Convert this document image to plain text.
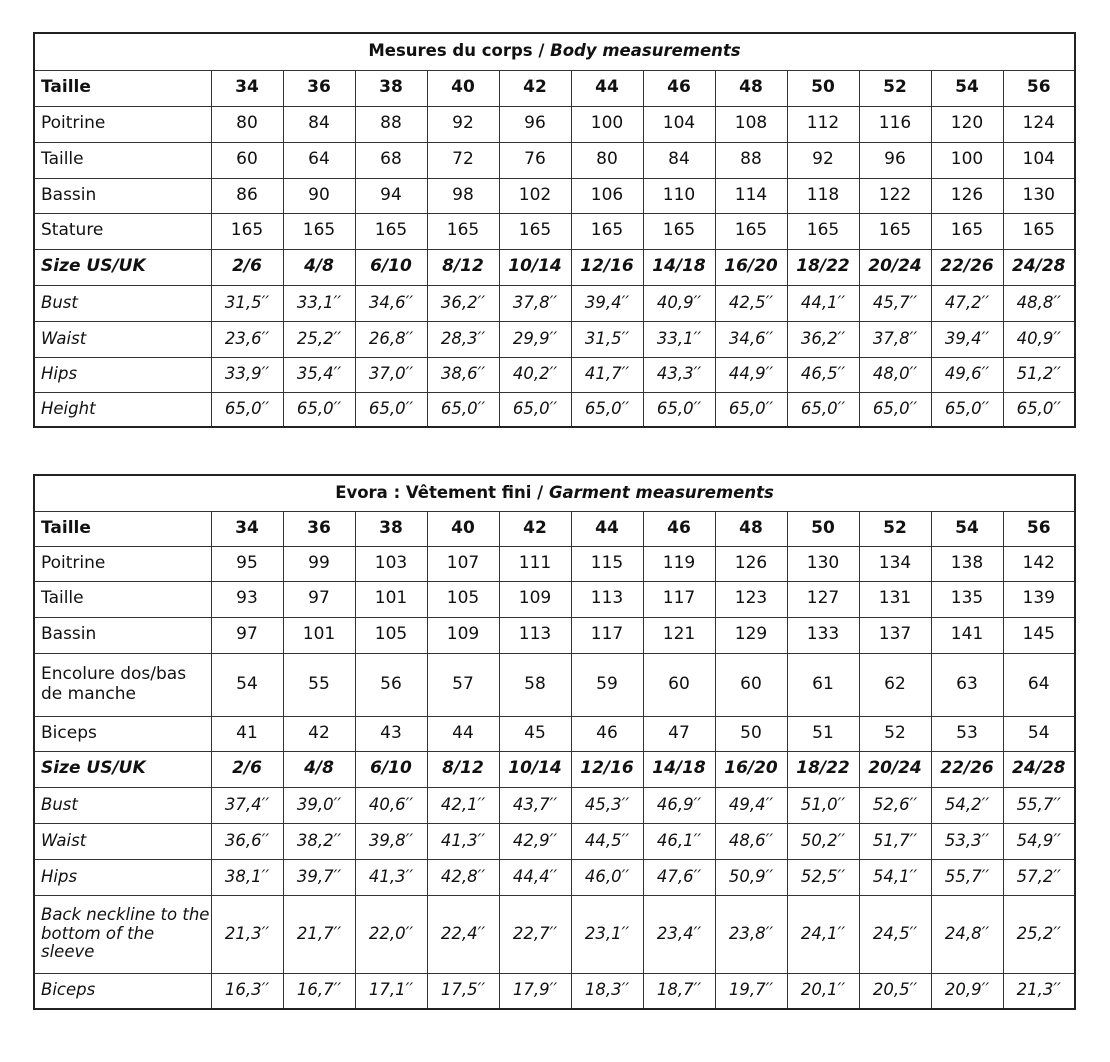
Mesures du corps / Body measurements												
Taille	34	36	38	40	42	44	46	48	50	52	54	56
Poitrine	80	84	88	92	96	100	104	108	112	116	120	124
Taille	60	64	68	72	76	80	84	88	92	96	100	104
Bassin	86	90	94	98	102	106	110	114	118	122	126	130
Stature	165	165	165	165	165	165	165	165	165	165	165	165
Size US/UK	2/6	4/8	6/10	8/12	10/14	12/16	14/18	16/20	18/22	20/24	22/26	24/28
Bust	31,5′′	33,1′′	34,6′′	36,2′′	37,8′′	39,4′′	40,9′′	42,5′′	44,1′′	45,7′′	47,2′′	48,8′′
Waist	23,6′′	25,2′′	26,8′′	28,3′′	29,9′′	31,5′′	33,1′′	34,6′′	36,2′′	37,8′′	39,4′′	40,9′′
Hips	33,9′′	35,4′′	37,0′′	38,6′′	40,2′′	41,7′′	43,3′′	44,9′′	46,5′′	48,0′′	49,6′′	51,2′′
Height	65,0′′	65,0′′	65,0′′	65,0′′	65,0′′	65,0′′	65,0′′	65,0′′	65,0′′	65,0′′	65,0′′	65,0′′
Evora : Vêtement fini / Garment measurements												
Taille	34	36	38	40	42	44	46	48	50	52	54	56
Poitrine	95	99	103	107	111	115	119	126	130	134	138	142
Taille	93	97	101	105	109	113	117	123	127	131	135	139
Bassin	97	101	105	109	113	117	121	129	133	137	141	145
Encolure dos/bas de manche	54	55	56	57	58	59	60	60	61	62	63	64
Biceps	41	42	43	44	45	46	47	50	51	52	53	54
Size US/UK	2/6	4/8	6/10	8/12	10/14	12/16	14/18	16/20	18/22	20/24	22/26	24/28
Bust	37,4′′	39,0′′	40,6′′	42,1′′	43,7′′	45,3′′	46,9′′	49,4′′	51,0′′	52,6′′	54,2′′	55,7′′
Waist	36,6′′	38,2′′	39,8′′	41,3′′	42,9′′	44,5′′	46,1′′	48,6′′	50,2′′	51,7′′	53,3′′	54,9′′
Hips	38,1′′	39,7′′	41,3′′	42,8′′	44,4′′	46,0′′	47,6′′	50,9′′	52,5′′	54,1′′	55,7′′	57,2′′
Back neckline to the bottom of the sleeve	21,3′′	21,7′′	22,0′′	22,4′′	22,7′′	23,1′′	23,4′′	23,8′′	24,1′′	24,5′′	24,8′′	25,2′′
Biceps	16,3′′	16,7′′	17,1′′	17,5′′	17,9′′	18,3′′	18,7′′	19,7′′	20,1′′	20,5′′	20,9′′	21,3′′
